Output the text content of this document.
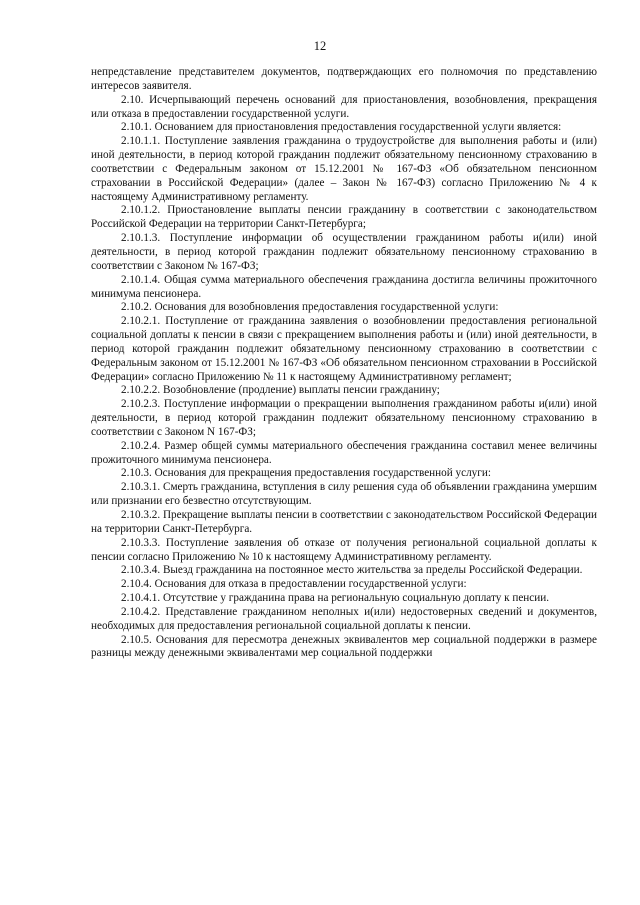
12

непредставление представителем документов, подтверждающих его полномочия по представлению интересов заявителя.

2.10. Исчерпывающий перечень оснований для приостановления, возобновления, прекращения или отказа в предоставлении государственной услуги.

2.10.1. Основанием для приостановления предоставления государственной услуги является:

2.10.1.1. Поступление заявления гражданина о трудоустройстве для выполнения работы и (или) иной деятельности, в период которой гражданин подлежит обязательному пенсионному страхованию в соответствии с Федеральным законом от 15.12.2001 № 167-ФЗ «Об обязательном пенсионном страховании в Российской Федерации» (далее – Закон № 167-ФЗ) согласно Приложению № 4 к настоящему Административному регламенту.

2.10.1.2. Приостановление выплаты пенсии гражданину в соответствии с законодательством Российской Федерации на территории Санкт-Петербурга;

2.10.1.3. Поступление информации об осуществлении гражданином работы и(или) иной деятельности, в период которой гражданин подлежит обязательному пенсионному страхованию в соответствии с Законом № 167-ФЗ;

2.10.1.4. Общая сумма материального обеспечения гражданина достигла величины прожиточного минимума пенсионера.

2.10.2. Основания для возобновления предоставления государственной услуги:

2.10.2.1. Поступление от гражданина заявления о возобновлении предоставления региональной социальной доплаты к пенсии в связи с прекращением выполнения работы и (или) иной деятельности, в период которой гражданин подлежит обязательному пенсионному страхованию в соответствии с Федеральным законом от 15.12.2001 № 167-ФЗ «Об обязательном пенсионном страховании в Российской Федерации» согласно Приложению № 11 к настоящему Административному регламент;

2.10.2.2. Возобновление (продление) выплаты пенсии гражданину;

2.10.2.3. Поступление информации о прекращении выполнения гражданином работы и(или) иной деятельности, в период которой гражданин подлежит обязательному пенсионному страхованию в соответствии с Законом N 167-ФЗ;

2.10.2.4. Размер общей суммы материального обеспечения гражданина составил менее величины прожиточного минимума пенсионера.

2.10.3. Основания для прекращения предоставления государственной услуги:

2.10.3.1. Смерть гражданина, вступления в силу решения суда об объявлении гражданина умершим или признании его безвестно отсутствующим.

2.10.3.2. Прекращение выплаты пенсии в соответствии с законодательством Российской Федерации на территории Санкт-Петербурга.

2.10.3.3. Поступление заявления об отказе от получения региональной социальной доплаты к пенсии согласно Приложению № 10 к настоящему Административному регламенту.

2.10.3.4. Выезд гражданина на постоянное место жительства за пределы Российской Федерации.

2.10.4. Основания для отказа в предоставлении государственной услуги:

2.10.4.1. Отсутствие у гражданина права на региональную социальную доплату к пенсии.

2.10.4.2. Представление гражданином неполных и(или) недостоверных сведений и документов, необходимых для предоставления региональной социальной доплаты к пенсии.

2.10.5. Основания для пересмотра денежных эквивалентов мер социальной поддержки в размере разницы между денежными эквивалентами мер социальной поддержки
